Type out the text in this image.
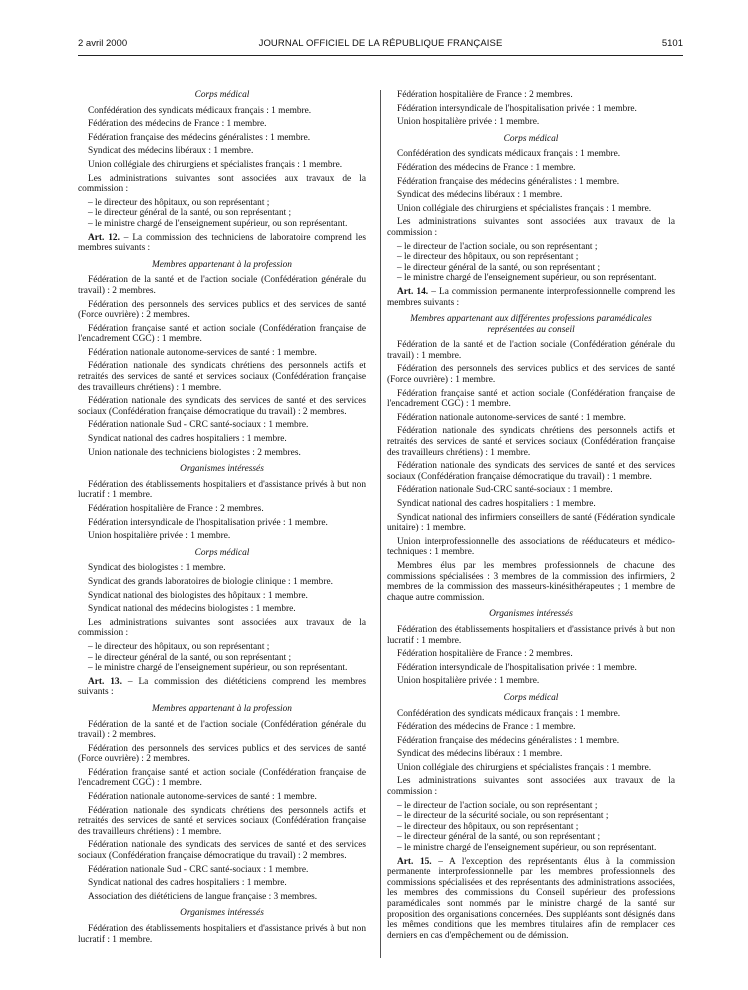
2 avril 2000	JOURNAL OFFICIEL DE LA RÉPUBLIQUE FRANÇAISE	5101

Corps médical

Confédération des syndicats médicaux français : 1 membre.

Fédération des médecins de France : 1 membre.

Fédération française des médecins généralistes : 1 membre.

Syndicat des médecins libéraux : 1 membre.

Union collégiale des chirurgiens et spécialistes français : 1 membre.

Les administrations suivantes sont associées aux travaux de la commission :

– le directeur des hôpitaux, ou son représentant ;
– le directeur général de la santé, ou son représentant ;
– le ministre chargé de l'enseignement supérieur, ou son représentant.

Art. 12. – La commission des techniciens de laboratoire comprend les membres suivants :

Membres appartenant à la profession

Fédération de la santé et de l'action sociale (Confédération générale du travail) : 2 membres.

Fédération des personnels des services publics et des services de santé (Force ouvrière) : 2 membres.

Fédération française santé et action sociale (Confédération française de l'encadrement CGC) : 1 membre.

Fédération nationale autonome-services de santé : 1 membre.

Fédération nationale des syndicats chrétiens des personnels actifs et retraités des services de santé et services sociaux (Confédération française des travailleurs chrétiens) : 1 membre.

Fédération nationale des syndicats des services de santé et des services sociaux (Confédération française démocratique du travail) : 2 membres.

Fédération nationale Sud - CRC santé-sociaux : 1 membre.

Syndicat national des cadres hospitaliers : 1 membre.

Union nationale des techniciens biologistes : 2 membres.

Organismes intéressés

Fédération des établissements hospitaliers et d'assistance privés à but non lucratif : 1 membre.

Fédération hospitalière de France : 2 membres.

Fédération intersyndicale de l'hospitalisation privée : 1 membre.

Union hospitalière privée : 1 membre.

Corps médical

Syndicat des biologistes : 1 membre.

Syndicat des grands laboratoires de biologie clinique : 1 membre.

Syndicat national des biologistes des hôpitaux : 1 membre.

Syndicat national des médecins biologistes : 1 membre.

Les administrations suivantes sont associées aux travaux de la commission :

– le directeur des hôpitaux, ou son représentant ;
– le directeur général de la santé, ou son représentant ;
– le ministre chargé de l'enseignement supérieur, ou son représentant.

Art. 13. – La commission des diététiciens comprend les membres suivants :

Membres appartenant à la profession

Fédération de la santé et de l'action sociale (Confédération générale du travail) : 2 membres.

Fédération des personnels des services publics et des services de santé (Force ouvrière) : 2 membres.

Fédération française santé et action sociale (Confédération française de l'encadrement CGC) : 1 membre.

Fédération nationale autonome-services de santé : 1 membre.

Fédération nationale des syndicats chrétiens des personnels actifs et retraités des services de santé et services sociaux (Confédération française des travailleurs chrétiens) : 1 membre.

Fédération nationale des syndicats des services de santé et des services sociaux (Confédération française démocratique du travail) : 2 membres.

Fédération nationale Sud - CRC santé-sociaux : 1 membre.

Syndicat national des cadres hospitaliers : 1 membre.

Association des diététiciens de langue française : 3 membres.

Organismes intéressés

Fédération des établissements hospitaliers et d'assistance privés à but non lucratif : 1 membre.

Fédération hospitalière de France : 2 membres.

Fédération intersyndicale de l'hospitalisation privée : 1 membre.

Union hospitalière privée : 1 membre.

Corps médical

Confédération des syndicats médicaux français : 1 membre.

Fédération des médecins de France : 1 membre.

Fédération française des médecins généralistes : 1 membre.

Syndicat des médecins libéraux : 1 membre.

Union collégiale des chirurgiens et spécialistes français : 1 membre.

Les administrations suivantes sont associées aux travaux de la commission :

– le directeur de l'action sociale, ou son représentant ;
– le directeur des hôpitaux, ou son représentant ;
– le directeur général de la santé, ou son représentant ;
– le ministre chargé de l'enseignement supérieur, ou son représentant.

Art. 14. – La commission permanente interprofessionnelle comprend les membres suivants :

Membres appartenant aux différentes professions paramédicales représentées au conseil

Fédération de la santé et de l'action sociale (Confédération générale du travail) : 1 membre.

Fédération des personnels des services publics et des services de santé (Force ouvrière) : 1 membre.

Fédération française santé et action sociale (Confédération française de l'encadrement CGC) : 1 membre.

Fédération nationale autonome-services de santé : 1 membre.

Fédération nationale des syndicats chrétiens des personnels actifs et retraités des services de santé et services sociaux (Confédération française des travailleurs chrétiens) : 1 membre.

Fédération nationale des syndicats des services de santé et des services sociaux (Confédération française démocratique du travail) : 1 membre.

Fédération nationale Sud-CRC santé-sociaux : 1 membre.

Syndicat national des cadres hospitaliers : 1 membre.

Syndicat national des infirmiers conseillers de santé (Fédération syndicale unitaire) : 1 membre.

Union interprofessionnelle des associations de rééducateurs et médico-techniques : 1 membre.

Membres élus par les membres professionnels de chacune des commissions spécialisées : 3 membres de la commission des infirmiers, 2 membres de la commission des masseurs-kinésithérapeutes ; 1 membre de chaque autre commission.

Organismes intéressés

Fédération des établissements hospitaliers et d'assistance privés à but non lucratif : 1 membre.

Fédération hospitalière de France : 2 membres.

Fédération intersyndicale de l'hospitalisation privée : 1 membre.

Union hospitalière privée : 1 membre.

Corps médical

Confédération des syndicats médicaux français : 1 membre.

Fédération des médecins de France : 1 membre.

Fédération française des médecins généralistes : 1 membre.

Syndicat des médecins libéraux : 1 membre.

Union collégiale des chirurgiens et spécialistes français : 1 membre.

Les administrations suivantes sont associées aux travaux de la commission :

– le directeur de l'action sociale, ou son représentant ;
– le directeur de la sécurité sociale, ou son représentant ;
– le directeur des hôpitaux, ou son représentant ;
– le directeur général de la santé, ou son représentant ;
– le ministre chargé de l'enseignement supérieur, ou son représentant.

Art. 15. – A l'exception des représentants élus à la commission permanente interprofessionnelle par les membres professionnels des commissions spécialisées et des représentants des administrations associées, les membres des commissions du Conseil supérieur des professions paramédicales sont nommés par le ministre chargé de la santé sur proposition des organisations concernées. Des suppléants sont désignés dans les mêmes conditions que les membres titulaires afin de remplacer ces derniers en cas d'empêchement ou de démission.
